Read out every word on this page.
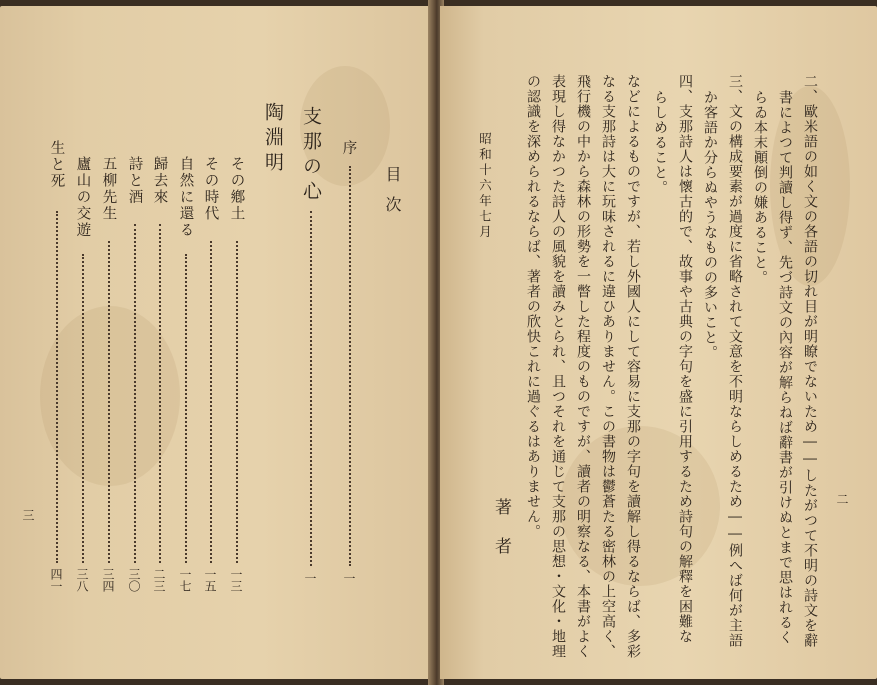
目次
序
一
支那の心
一
陶淵明
その鄕土
一三
その時代
一五
自然に還る
一七
歸去來
二三
詩と酒
三〇
五柳先生
三四
廬山の交遊
三八
生と死
四一
三
二
二、歐米語の如く文の各語の切れ目が明瞭でないため――したがつて不明の詩文を辭
書によつて判讀し得ず、先づ詩文の內容が解らねば辭書が引けぬとまで思はれるく
らゐ本末顚倒の嫌あること。
三、文の構成要素が過度に省略されて文意を不明ならしめるため――例へば何が主語
か客語か分らぬやうなものの多いこと。
四、支那詩人は懷古的で、故事や古典の字句を盛に引用するため詩句の解釋を困難な
らしめること。
などによるものですが、若し外國人にして容易に支那の字句を讀解し得るならば、多彩
なる支那詩は大に玩味されるに違ひありません。この書物は鬱蒼たる密林の上空高く、
飛行機の中から森林の形勢を一瞥した程度のものですが、讀者の明察なる、本書がよく
表現し得なかつた詩人の風貌を讀みとられ、且つそれを通じて支那の思想・文化・地理
の認識を深められるならば、著者の欣快これに過ぐるはありません。
昭和十六年七月
著者
